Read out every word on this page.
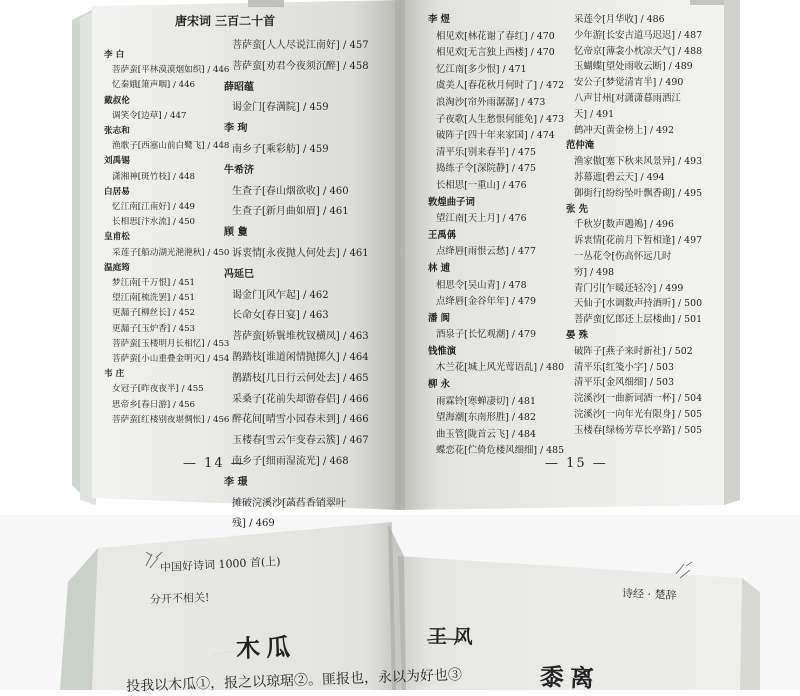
唐宋词 三百二十首
李 白
菩萨蛮[平林漠漠烟如织] / 446
忆秦娥[箫声咽] / 446
戴叔伦
调笑令[边草] / 447
张志和
渔歌子[西塞山前白鹭飞] / 448
刘禹锡
潇湘神[斑竹枝] / 448
白居易
忆江南[江南好] / 449
长相思[汴水流] / 450
皇甫松
采莲子[船动湖光滟滟秋] / 450
温庭筠
梦江南[千万恨] / 451
望江南[梳洗罢] / 451
更漏子[柳丝长] / 452
更漏子[玉炉香] / 453
菩萨蛮[玉楼明月长相忆] / 453
菩萨蛮[小山重叠金明灭] / 454
韦 庄
女冠子[昨夜夜半] / 455
思帝乡[春日游] / 456
菩萨蛮[红楼别夜堪惆怅] / 456
菩萨蛮[人人尽说江南好] / 457
菩萨蛮[劝君今夜须沉醉] / 458
薛昭蕴
谒金门[春满院] / 459
李 珣
南乡子[乘彩舫] / 459
牛希济
生查子[春山烟欲收] / 460
生查子[新月曲如眉] / 461
顾 敻
诉衷情[永夜抛人何处去] / 461
冯延巳
谒金门[风乍起] / 462
长命女[春日宴] / 463
菩萨蛮[娇鬟堆枕钗横凤] / 463
鹊踏枝[谁道闲情抛掷久] / 464
鹊踏枝[几日行云何处去] / 465
采桑子[花前失却游春侣] / 466
醉花间[晴雪小园春未到] / 466
玉楼春[雪云乍变春云簇] / 467
南乡子[细雨湿流光] / 468
李 璟
摊破浣溪沙[菡萏香销翠叶
残] / 469
— 14 —
李 煜
相见欢[林花谢了春红] / 470
相见欢[无言独上西楼] / 470
忆江南[多少恨] / 471
虞美人[春花秋月何时了] / 472
浪淘沙[帘外雨潺潺] / 473
子夜歌[人生愁恨何能免] / 473
破阵子[四十年来家国] / 474
清平乐[别来春半] / 475
捣练子令[深院静] / 475
长相思[一重山] / 476
敦煌曲子词
望江南[天上月] / 476
王禹偁
点绛唇[雨恨云愁] / 477
林 逋
相思令[吴山青] / 478
点绛唇[金谷年年] / 479
潘 阆
酒泉子[长忆观潮] / 479
钱惟演
木兰花[城上风光莺语乱] / 480
柳 永
雨霖铃[寒蝉凄切] / 481
望海潮[东南形胜] / 482
曲玉管[陇首云飞] / 484
蝶恋花[伫倚危楼风细细] / 485
采莲令[月华收] / 486
少年游[长安古道马迟迟] / 487
忆帝京[薄衾小枕凉天气] / 488
玉蝴蝶[望处雨收云断] / 489
安公子[梦觉清宵半] / 490
八声甘州[对潇潇暮雨洒江
天] / 491
鹤冲天[黄金榜上] / 492
范仲淹
渔家傲[塞下秋来风景异] / 493
苏幕遮[碧云天] / 494
御街行[纷纷坠叶飘香砌] / 495
张 先
千秋岁[数声鶗鴂] / 496
诉衷情[花前月下暂相逢] / 497
一丛花令[伤高怀远几时
穷] / 498
青门引[乍暖还轻冷] / 499
天仙子[水调数声持酒听] / 500
菩萨蛮[忆郎还上层楼曲] / 501
晏 殊
破阵子[燕子来时新社] / 502
清平乐[红笺小字] / 503
清平乐[金风细细] / 503
浣溪沙[一曲新词酒一杯] / 504
浣溪沙[一向年光有限身] / 505
玉楼春[绿杨芳草长亭路] / 505
— 15 —
中国好诗词 1000 首(上)
分开不相关!
木瓜
投我以木瓜①，报之以琼琚②。匪报也，永以为好也③
诗经 · 楚辞
王 风
黍离
